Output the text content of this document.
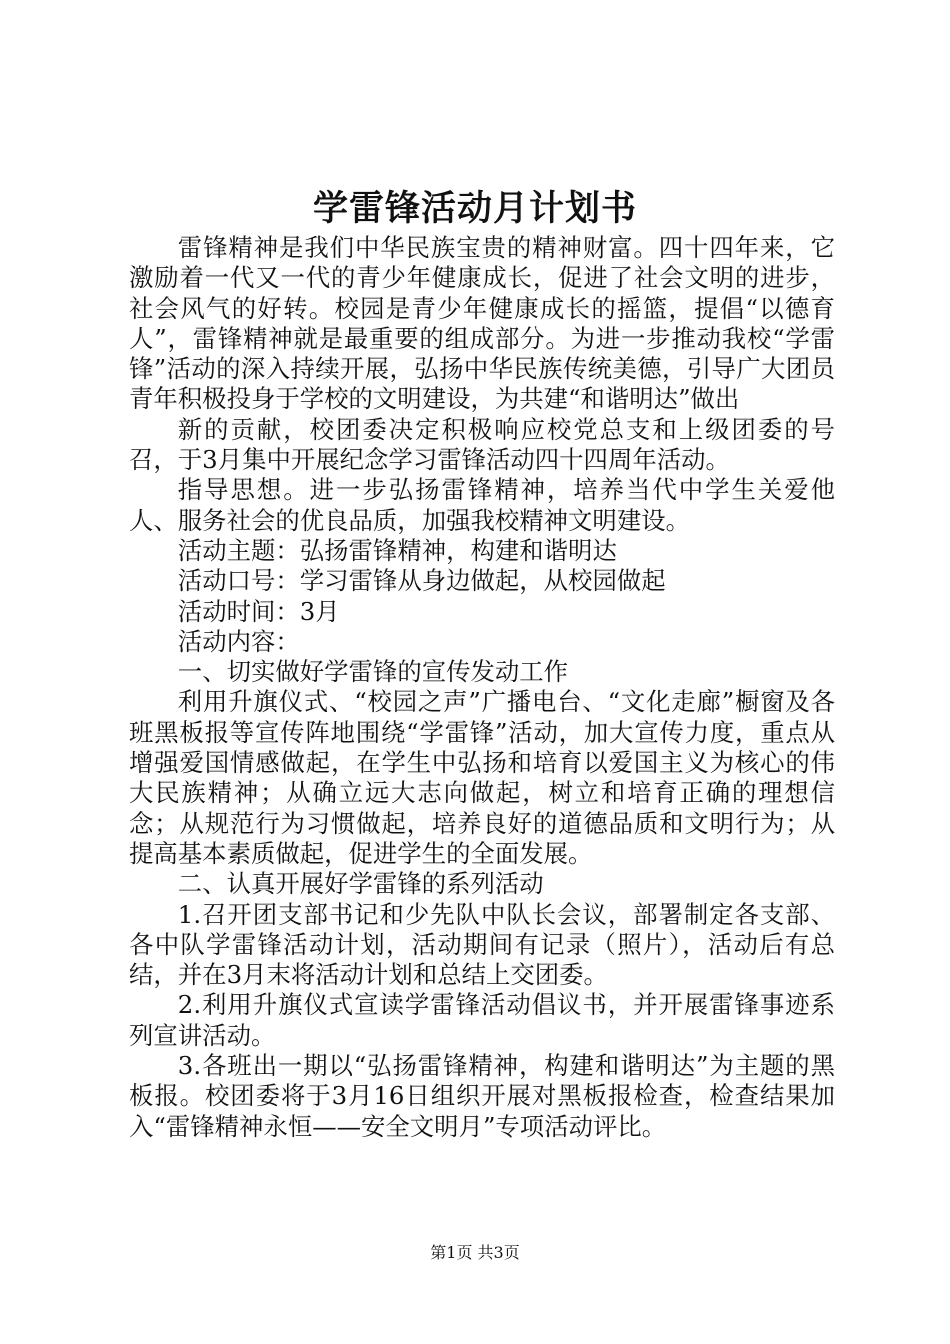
学雷锋活动月计划书

雷锋精神是我们中华民族宝贵的精神财富。四十四年来，它激励着一代又一代的青少年健康成长，促进了社会文明的进步，社会风气的好转。校园是青少年健康成长的摇篮，提倡“以德育人”，雷锋精神就是最重要的组成部分。为进一步推动我校“学雷锋”活动的深入持续开展，弘扬中华民族传统美德，引导广大团员青年积极投身于学校的文明建设，为共建“和谐明达”做出

新的贡献，校团委决定积极响应校党总支和上级团委的号召，于3月集中开展纪念学习雷锋活动四十四周年活动。

指导思想。进一步弘扬雷锋精神，培养当代中学生关爱他人、服务社会的优良品质，加强我校精神文明建设。

活动主题：弘扬雷锋精神，构建和谐明达

活动口号：学习雷锋从身边做起，从校园做起

活动时间：3月

活动内容：

一、切实做好学雷锋的宣传发动工作

利用升旗仪式、“校园之声”广播电台、“文化走廊”橱窗及各班黑板报等宣传阵地围绕“学雷锋”活动，加大宣传力度，重点从增强爱国情感做起，在学生中弘扬和培育以爱国主义为核心的伟大民族精神；从确立远大志向做起，树立和培育正确的理想信念；从规范行为习惯做起，培养良好的道德品质和文明行为；从提高基本素质做起，促进学生的全面发展。

二、认真开展好学雷锋的系列活动

1.召开团支部书记和少先队中队长会议，部署制定各支部、各中队学雷锋活动计划，活动期间有记录（照片），活动后有总结，并在3月末将活动计划和总结上交团委。

2.利用升旗仪式宣读学雷锋活动倡议书，并开展雷锋事迹系列宣讲活动。

3.各班出一期以“弘扬雷锋精神，构建和谐明达”为主题的黑板报。校团委将于3月16日组织开展对黑板报检查，检查结果加入“雷锋精神永恒——安全文明月”专项活动评比。

第1页 共3页
